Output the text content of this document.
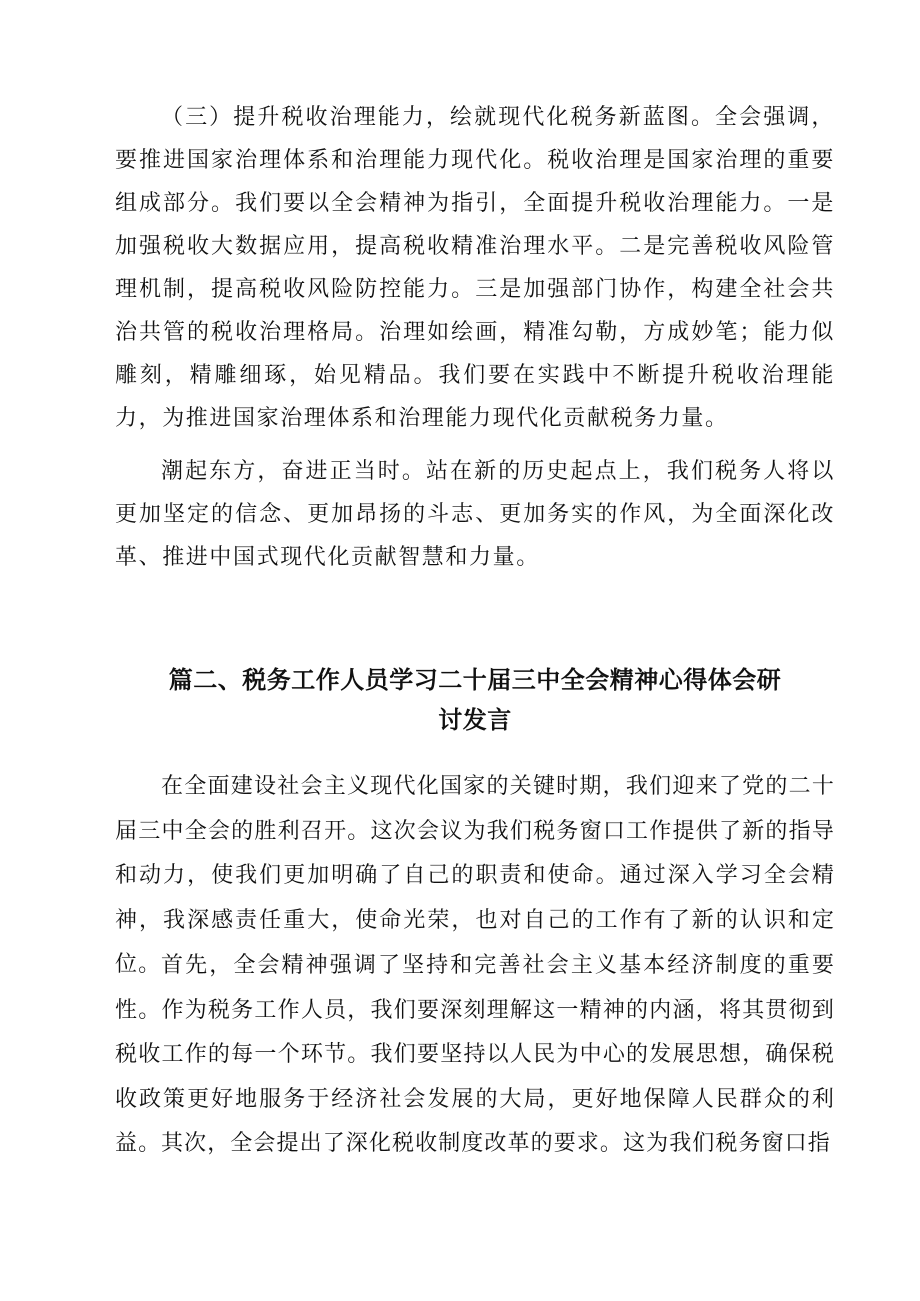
（三）提升税收治理能力，绘就现代化税务新蓝图。全会强调，要推进国家治理体系和治理能力现代化。税收治理是国家治理的重要组成部分。我们要以全会精神为指引，全面提升税收治理能力。一是加强税收大数据应用，提高税收精准治理水平。二是完善税收风险管理机制，提高税收风险防控能力。三是加强部门协作，构建全社会共治共管的税收治理格局。治理如绘画，精准勾勒，方成妙笔；能力似雕刻，精雕细琢，始见精品。我们要在实践中不断提升税收治理能力，为推进国家治理体系和治理能力现代化贡献税务力量。

潮起东方，奋进正当时。站在新的历史起点上，我们税务人将以更加坚定的信念、更加昂扬的斗志、更加务实的作风，为全面深化改革、推进中国式现代化贡献智慧和力量。

篇二、税务工作人员学习二十届三中全会精神心得体会研
讨发言

在全面建设社会主义现代化国家的关键时期，我们迎来了党的二十届三中全会的胜利召开。这次会议为我们税务窗口工作提供了新的指导和动力，使我们更加明确了自己的职责和使命。通过深入学习全会精神，我深感责任重大，使命光荣，也对自己的工作有了新的认识和定位。 首先，全会精神强调了坚持和完善社会主义基本经济制度的重要性。作为税务工作人员，我们要深刻理解这一精神的内涵，将其贯彻到税收工作的每一个环节。我们要坚持以人民为中心的发展思想，确保税收政策更好地服务于经济社会发展的大局，更好地保障人民群众的利益。 其次，全会提出了深化税收制度改革的要求。这为我们税务窗口指
